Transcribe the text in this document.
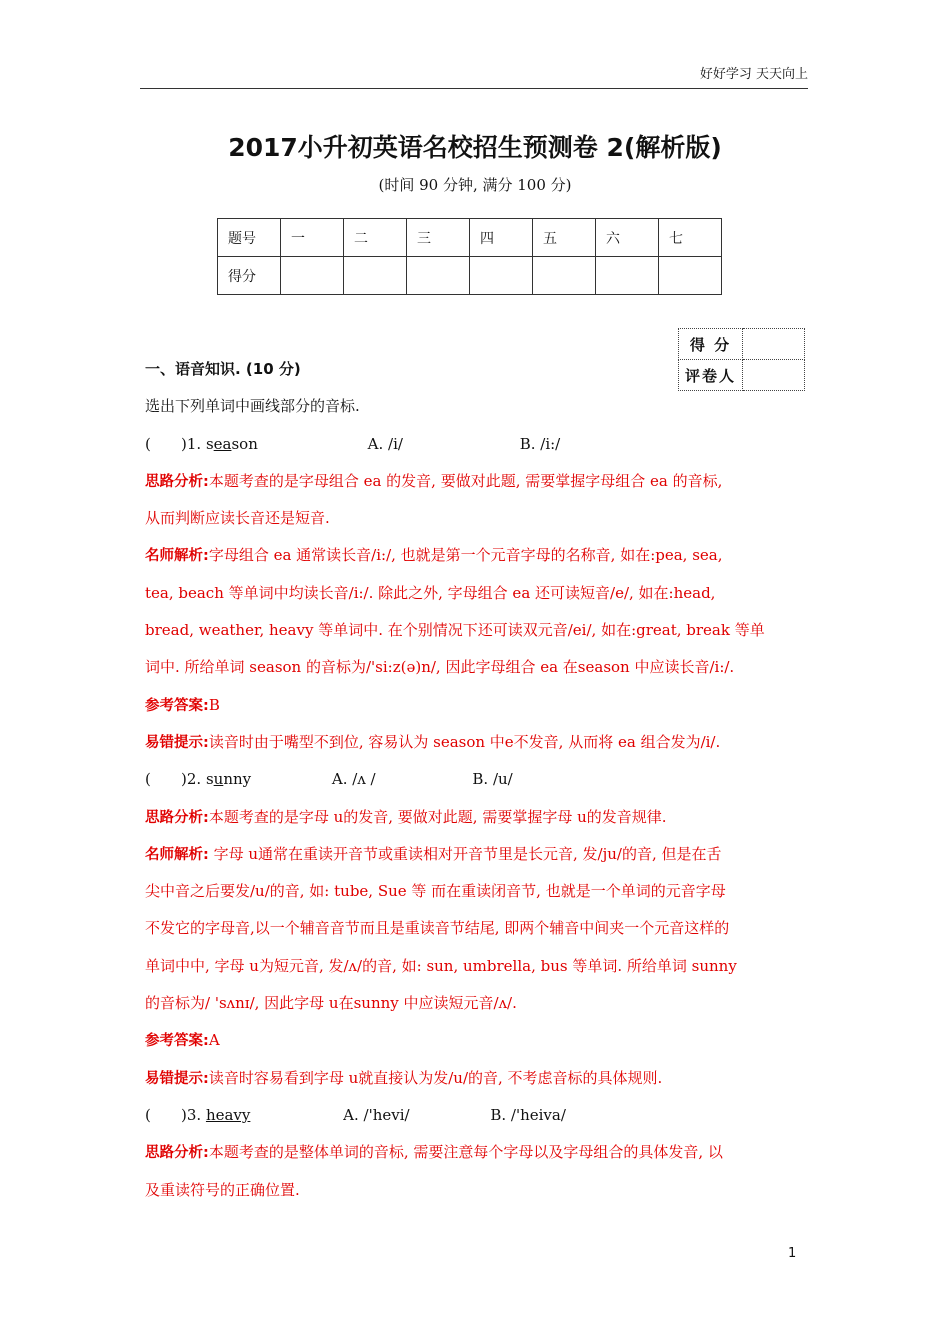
好好学习 天天向上
2017小升初英语名校招生预测卷 2(解析版)
(时间 90 分钟, 满分 100 分)
题号	一	二	三	四	五	六	七
得分							
得 分	
评卷人	
一、语音知识. (10 分)
选出下列单词中画线部分的音标.
( )1. season	A. /i/	B. /i:/
思路分析:本题考查的是字母组合 ea 的发音, 要做对此题, 需要掌握字母组合 ea 的音标,
从而判断应读长音还是短音.
名师解析:字母组合 ea 通常读长音/i:/, 也就是第一个元音字母的名称音, 如在:pea, sea,
tea, beach 等单词中均读长音/i:/. 除此之外, 字母组合 ea 还可读短音/e/, 如在:head,
bread, weather, heavy 等单词中. 在个别情况下还可读双元音/ei/, 如在:great, break 等单
词中. 所给单词 season 的音标为/'si:z(ə)n/, 因此字母组合 ea 在season 中应读长音/i:/.
参考答案:B
易错提示:读音时由于嘴型不到位, 容易认为 season 中e不发音, 从而将 ea 组合发为/i/.
( )2. sunny	A. /ʌ /	B. /u/
思路分析:本题考查的是字母 u的发音, 要做对此题, 需要掌握字母 u的发音规律.
名师解析: 字母 u通常在重读开音节或重读相对开音节里是长元音, 发/ju/的音, 但是在舌
尖中音之后要发/u/的音, 如: tube, Sue 等 而在重读闭音节, 也就是一个单词的元音字母
不发它的字母音,以一个辅音音节而且是重读音节结尾, 即两个辅音中间夹一个元音这样的
单词中中, 字母 u为短元音, 发/ʌ/的音, 如: sun, umbrella, bus 等单词. 所给单词 sunny
的音标为/ 'sʌnɪ/, 因此字母 u在sunny 中应读短元音/ʌ/.
参考答案:A
易错提示:读音时容易看到字母 u就直接认为发/u/的音, 不考虑音标的具体规则.
( )3. heavy	A. /'hevi/	B. /'heiva/
思路分析:本题考查的是整体单词的音标, 需要注意每个字母以及字母组合的具体发音, 以
及重读符号的正确位置.
1
